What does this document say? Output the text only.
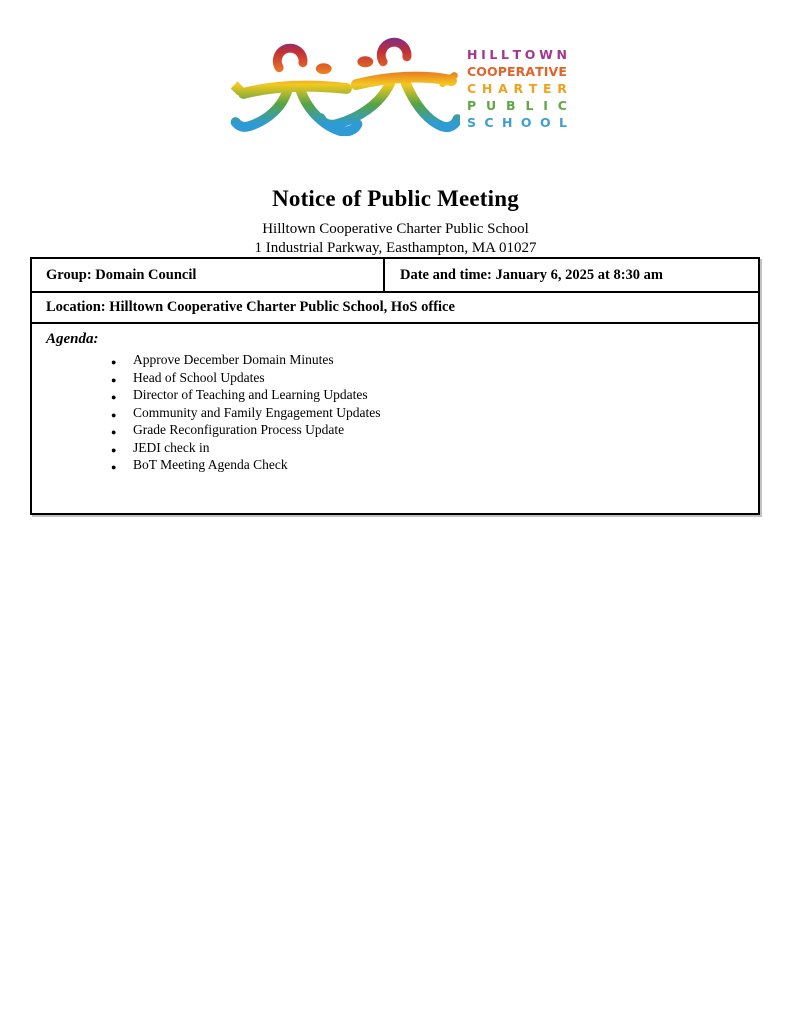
H I L L T O W N
C O O P E R A T I V E
C H A R T E R
P U B L I C
S C H O O L
Notice of Public Meeting
Hilltown Cooperative Charter Public School
1 Industrial Parkway, Easthampton, MA 01027
Group: Domain Council	Date and time: January 6, 2025 at 8:30 am
Location: Hilltown Cooperative Charter Public School, HoS office
Agenda:
● Approve December Domain Minutes
● Head of School Updates
● Director of Teaching and Learning Updates
● Community and Family Engagement Updates
● Grade Reconfiguration Process Update
● JEDI check in
● BoT Meeting Agenda Check
